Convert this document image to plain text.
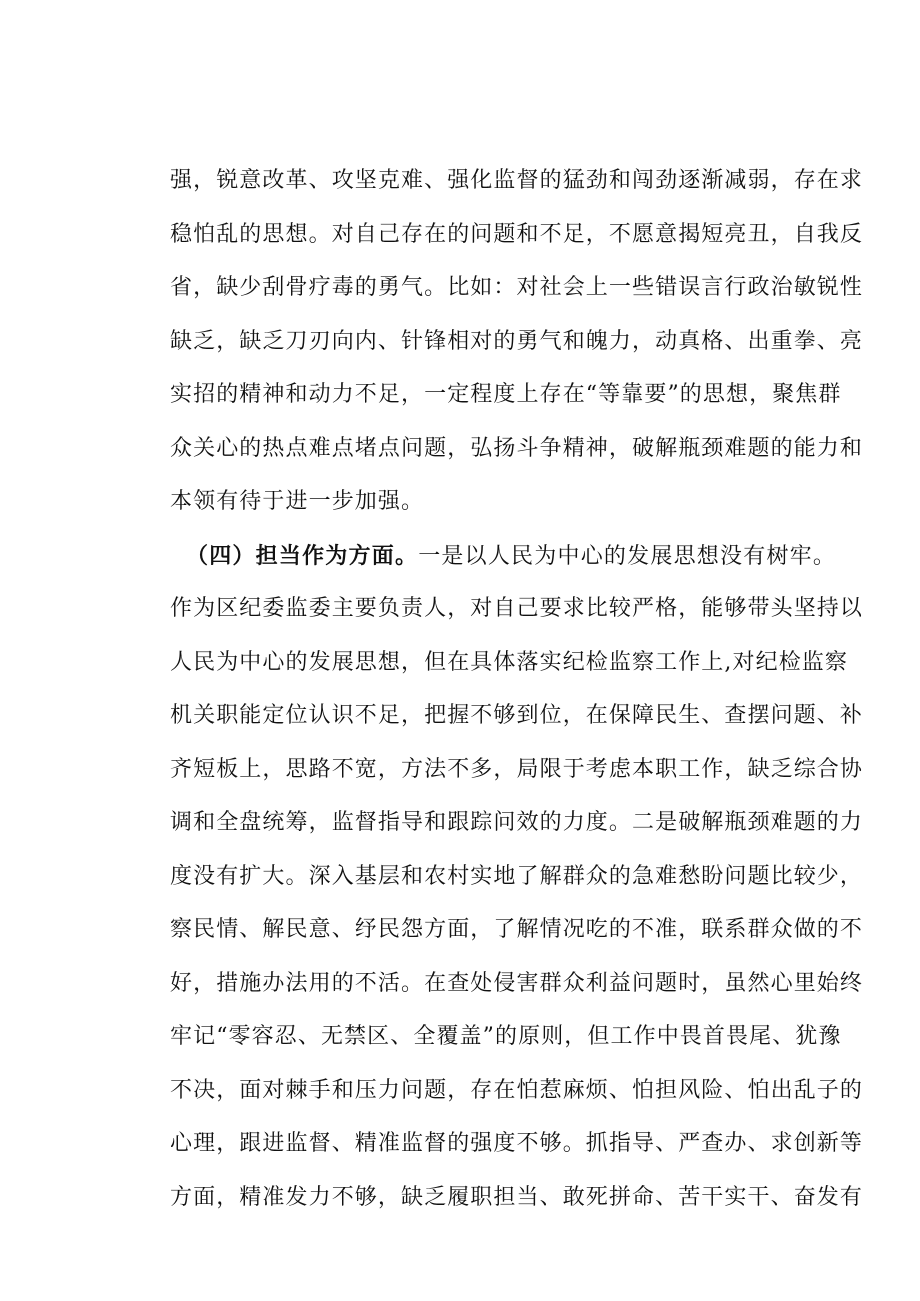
强，锐意改革、攻坚克难、强化监督的猛劲和闯劲逐渐减弱，存在求
稳怕乱的思想。对自己存在的问题和不足，不愿意揭短亮丑，自我反
省，缺少刮骨疗毒的勇气。比如：对社会上一些错误言行政治敏锐性
缺乏，缺乏刀刃向内、针锋相对的勇气和魄力，动真格、出重拳、亮
实招的精神和动力不足，一定程度上存在“等靠要”的思想，聚焦群
众关心的热点难点堵点问题，弘扬斗争精神，破解瓶颈难题的能力和
本领有待于进一步加强。
（四）担当作为方面。一是以人民为中心的发展思想没有树牢。
作为区纪委监委主要负责人，对自己要求比较严格，能够带头坚持以
人民为中心的发展思想，但在具体落实纪检监察工作上,对纪检监察
机关职能定位认识不足，把握不够到位，在保障民生、查摆问题、补
齐短板上，思路不宽，方法不多，局限于考虑本职工作，缺乏综合协
调和全盘统筹，监督指导和跟踪问效的力度。二是破解瓶颈难题的力
度没有扩大。深入基层和农村实地了解群众的急难愁盼问题比较少，
察民情、解民意、纾民怨方面，了解情况吃的不准，联系群众做的不
好，措施办法用的不活。在查处侵害群众利益问题时，虽然心里始终
牢记“零容忍、无禁区、全覆盖”的原则，但工作中畏首畏尾、犹豫
不决，面对棘手和压力问题，存在怕惹麻烦、怕担风险、怕出乱子的
心理，跟进监督、精准监督的强度不够。抓指导、严查办、求创新等
方面，精准发力不够，缺乏履职担当、敢死拼命、苦干实干、奋发有
